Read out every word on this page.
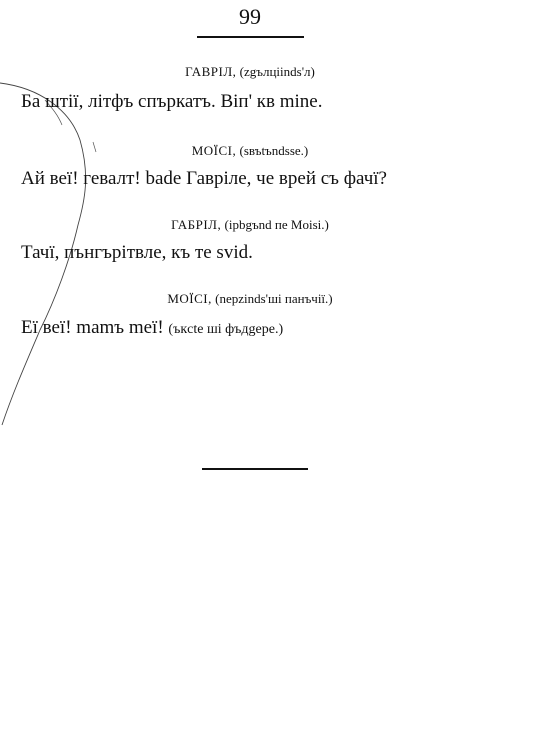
99
ГАВРІЛ, (zgълціinds'л)
Ба штії, літфъ спъркатъ. Віп' кв mine.
МОЇСІ, (sвъtъndsse.)
Ай веї! гевалт! bade Гавріле, че врей съ фачї?
ГАБРІЛ, (iрbgъnd пе Moisi.)
Тачї, пънгърітвле, къ те svid.
МОЇСІ, (nepzinds'ші панъчії.)
Еї веї! mamъ meї! (ъкcte ші фъдgере.)
